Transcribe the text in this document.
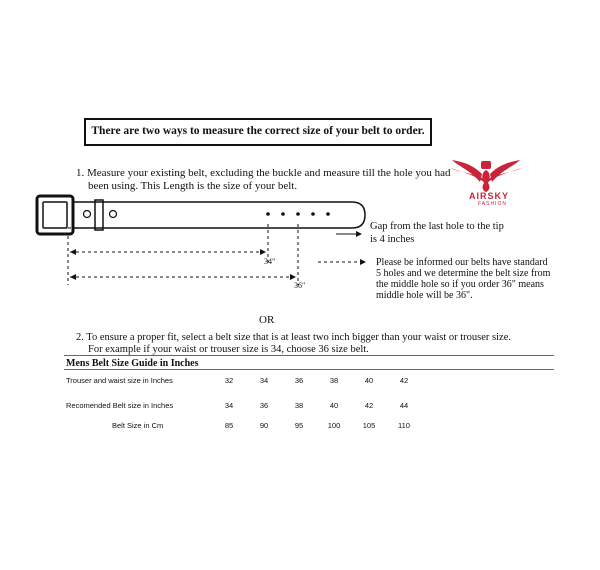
There are two ways to measure the correct size of your belt to order.
1. Measure your existing belt, excluding the buckle and measure till the hole you had
been using. This Length is the size of your belt.
AIRSKY
FASHION
34"
36"
Gap from the last hole to the tip
is 4 inches
Please be informed our belts have standard
5 holes and we determine the belt size from
the middle hole so if you order 36" means
middle hole will be 36".
OR
2. To ensure a proper fit, select a belt size that is at least two inch bigger than your waist or trouser size.
For example if your waist or trouser size is 34, choose 36 size belt.
Mens Belt Size Guide in Inches
Trouser and waist size in Inches	32	34	36	38	40	42
Recomended Belt size in Inches	34	36	38	40	42	44
Belt Size in Cm	85	90	95	100	105	110
